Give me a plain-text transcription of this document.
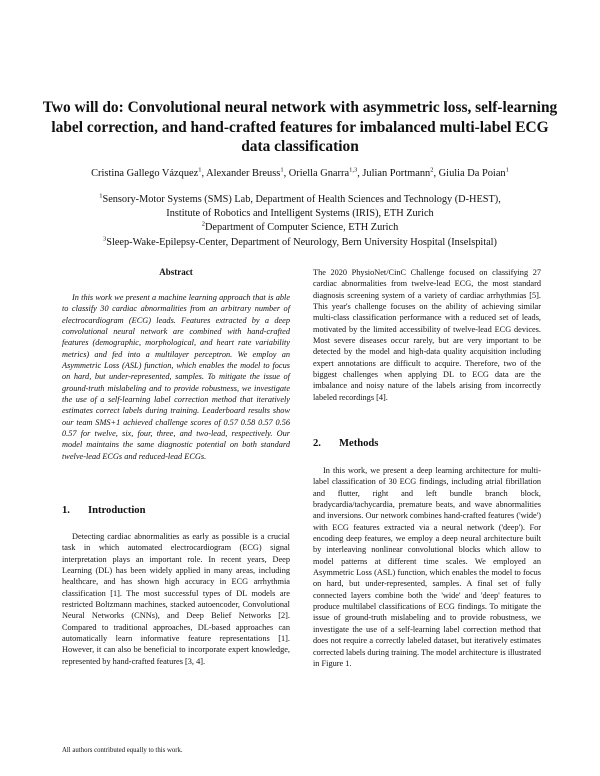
Two will do: Convolutional neural network with asymmetric loss, self-learning label correction, and hand-crafted features for imbalanced multi-label ECG data classification
Cristina Gallego Vázquez$^1$, Alexander Breuss$^1$, Oriella Gnarra$^{1,3}$, Julian Portmann$^2$, Giulia Da Poian$^1$
$^1$Sensory-Motor Systems (SMS) Lab, Department of Health Sciences and Technology (D-HEST),
Institute of Robotics and Intelligent Systems (IRIS), ETH Zurich
$^2$Department of Computer Science, ETH Zurich
$^3$Sleep-Wake-Epilepsy-Center, Department of Neurology, Bern University Hospital (Inselspital)
Abstract

In this work we present a machine learning approach that is able to classify 30 cardiac abnormalities from an arbitrary number of electrocardiogram (ECG) leads. Features extracted by a deep convolutional neural network are combined with hand-crafted features (demographic, morphological, and heart rate variability metrics) and fed into a multilayer perceptron. We employ an Asymmetric Loss (ASL) function, which enables the model to focus on hard, but under-represented, samples. To mitigate the issue of ground-truth mislabeling and to provide robustness, we investigate the use of a self-learning label correction method that iteratively estimates correct labels during training. Leaderboard results show our team SMS+1 achieved challenge scores of 0.57 0.58 0.57 0.56 0.57 for twelve, six, four, three, and two-lead, respectively. Our model maintains the same diagnostic potential on both standard twelve-lead ECGs and reduced-lead ECGs.

1. Introduction

Detecting cardiac abnormalities as early as possible is a crucial task in which automated electrocardiogram (ECG) signal interpretation plays an important role. In recent years, Deep Learning (DL) has been widely applied in many areas, including healthcare, and has shown high accuracy in ECG arrhythmia classification [1]. The most successful types of DL models are restricted Boltzmann machines, stacked autoencoder, Convolutional Neural Networks (CNNs), and Deep Belief Networks [2]. Compared to traditional approaches, DL-based approaches can automatically learn informative feature representations [1]. However, it can also be beneficial to incorporate expert knowledge, represented by hand-crafted features [3, 4].

The 2020 PhysioNet/CinC Challenge focused on classifying 27 cardiac abnormalities from twelve-lead ECG, the most standard diagnosis screening system of a variety of cardiac arrhythmias [5]. This year's challenge focuses on the ability of achieving similar multi-class classification performance with a reduced set of leads, motivated by the limited accessibility of twelve-lead ECG devices. Most severe diseases occur rarely, but are very important to be detected by the model and high-data quality acquisition including expert annotations are difficult to acquire. Therefore, two of the biggest challenges when applying DL to ECG data are the imbalance and noisy nature of the labels arising from incorrectly labeled recordings [4].

2. Methods

In this work, we present a deep learning architecture for multi-label classification of 30 ECG findings, including atrial fibrillation and flutter, right and left bundle branch block, bradycardia/tachycardia, premature beats, and wave abnormalities and inversions. Our network combines hand-crafted features ('wide') with ECG features extracted via a neural network ('deep'). For encoding deep features, we employ a deep neural architecture built by interleaving nonlinear convolutional blocks which allow to model patterns at different time scales. We employed an Asymmetric Loss (ASL) function, which enables the model to focus on hard, but under-represented, samples. A final set of fully connected layers combine both the 'wide' and 'deep' features to produce multilabel classifications of ECG findings. To mitigate the issue of ground-truth mislabeling and to provide robustness, we investigate the use of a self-learning label correction method that does not require a correctly labeled dataset, but iteratively estimates corrected labels during training. The model architecture is illustrated in Figure 1.

All authors contributed equally to this work.
